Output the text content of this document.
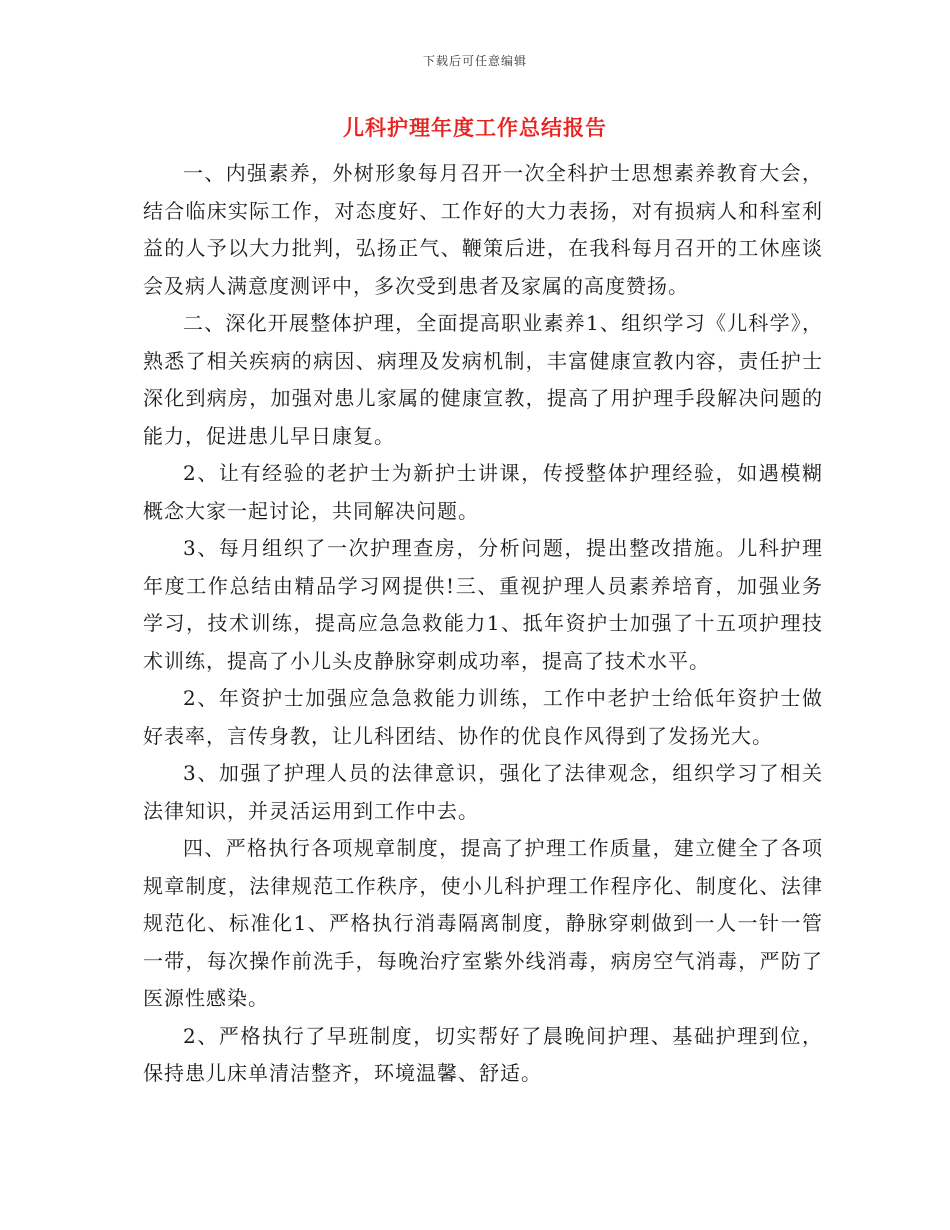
下载后可任意编辑
儿科护理年度工作总结报告

一、内强素养，外树形象每月召开一次全科护士思想素养教育大会，结合临床实际工作，对态度好、工作好的大力表扬，对有损病人和科室利益的人予以大力批判，弘扬正气、鞭策后进，在我科每月召开的工休座谈会及病人满意度测评中，多次受到患者及家属的高度赞扬。

二、深化开展整体护理，全面提高职业素养1、组织学习《儿科学》，熟悉了相关疾病的病因、病理及发病机制，丰富健康宣教内容，责任护士深化到病房，加强对患儿家属的健康宣教，提高了用护理手段解决问题的能力，促进患儿早日康复。

2、让有经验的老护士为新护士讲课，传授整体护理经验，如遇模糊概念大家一起讨论，共同解决问题。

3、每月组织了一次护理查房，分析问题，提出整改措施。儿科护理年度工作总结由精品学习网提供!三、重视护理人员素养培育，加强业务学习，技术训练，提高应急急救能力1、抵年资护士加强了十五项护理技术训练，提高了小儿头皮静脉穿刺成功率，提高了技术水平。

2、年资护士加强应急急救能力训练，工作中老护士给低年资护士做好表率，言传身教，让儿科团结、协作的优良作风得到了发扬光大。

3、加强了护理人员的法律意识，强化了法律观念，组织学习了相关法律知识，并灵活运用到工作中去。

四、严格执行各项规章制度，提高了护理工作质量，建立健全了各项规章制度，法律规范工作秩序，使小儿科护理工作程序化、制度化、法律规范化、标准化1、严格执行消毒隔离制度，静脉穿刺做到一人一针一管一带，每次操作前洗手，每晚治疗室紫外线消毒，病房空气消毒，严防了医源性感染。

2、严格执行了早班制度，切实帮好了晨晚间护理、基础护理到位，保持患儿床单清洁整齐，环境温馨、舒适。
